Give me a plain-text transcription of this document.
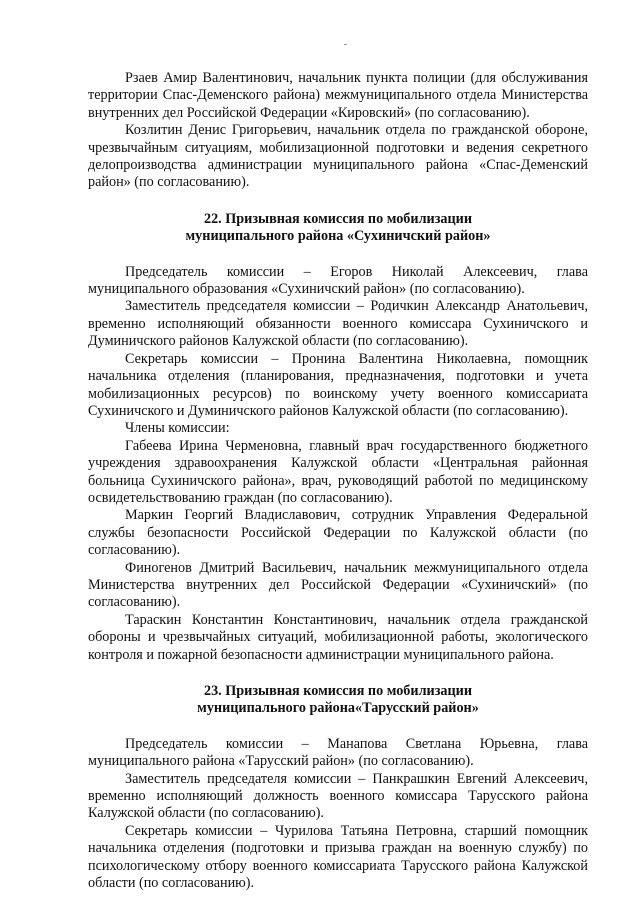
Рзаев Амир Валентинович, начальник пункта полиции (для обслуживания территории Спас-Деменского района) межмуниципального отдела Министерства внутренних дел Российской Федерации «Кировский» (по согласованию).

Козлитин Денис Григорьевич, начальник отдела по гражданской обороне, чрезвычайным ситуациям, мобилизационной подготовки и ведения секретного делопроизводства администрации муниципального района «Спас-Деменский район» (по согласованию).

22. Призывная комиссия по мобилизации

муниципального района «Сухиничский район»

Председатель комиссии – Егоров Николай Алексеевич, глава муниципального образования «Сухиничский район» (по согласованию).

Заместитель председателя комиссии – Родичкин Александр Анатольевич, временно исполняющий обязанности военного комиссара Сухиничского и Думиничского районов Калужской области (по согласованию).

Секретарь комиссии – Пронина Валентина Николаевна, помощник начальника отделения (планирования, предназначения, подготовки и учета мобилизационных ресурсов) по воинскому учету военного комиссариата Сухиничского и Думиничского районов Калужской области (по согласованию).

Члены комиссии:

Габеева Ирина Черменовна, главный врач государственного бюджетного учреждения здравоохранения Калужской области «Центральная районная больница Сухиничского района», врач, руководящий работой по медицинскому освидетельствованию граждан (по согласованию).

Маркин Георгий Владиславович, сотрудник Управления Федеральной службы безопасности Российской Федерации по Калужской области (по согласованию).

Финогенов Дмитрий Васильевич, начальник межмуниципального отдела Министерства внутренних дел Российской Федерации «Сухиничский» (по согласованию).

Тараскин Константин Константинович, начальник отдела гражданской обороны и чрезвычайных ситуаций, мобилизационной работы, экологического контроля и пожарной безопасности администрации муниципального района.

23. Призывная комиссия по мобилизации

муниципального района«Тарусский район»

Председатель комиссии – Манапова Светлана Юрьевна, глава муниципального района «Тарусский район» (по согласованию).

Заместитель председателя комиссии – Панкрашкин Евгений Алексеевич, временно исполняющий должность военного комиссара Тарусского района Калужской области (по согласованию).

Секретарь комиссии – Чурилова Татьяна Петровна, старший помощник начальника отделения (подготовки и призыва граждан на военную службу) по психологическому отбору военного комиссариата Тарусского района Калужской области (по согласованию).
